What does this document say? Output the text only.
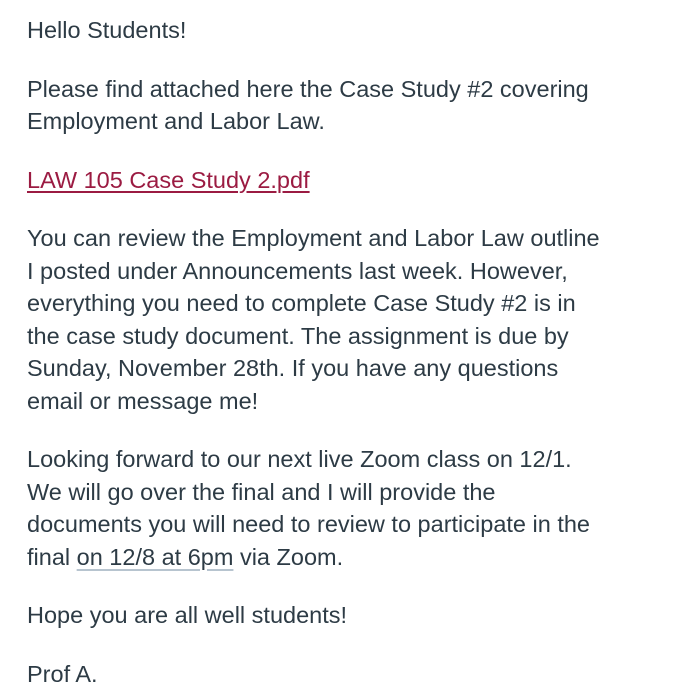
Hello Students!

Please find attached here the Case Study #2 covering
Employment and Labor Law.

LAW 105 Case Study 2.pdf

You can review the Employment and Labor Law outline
I posted under Announcements last week. However,
everything you need to complete Case Study #2 is in
the case study document. The assignment is due by
Sunday, November 28th. If you have any questions
email or message me!

Looking forward to our next live Zoom class on 12/1.
We will go over the final and I will provide the
documents you will need to review to participate in the
final on 12/8 at 6pm via Zoom.

Hope you are all well students!

Prof A.
